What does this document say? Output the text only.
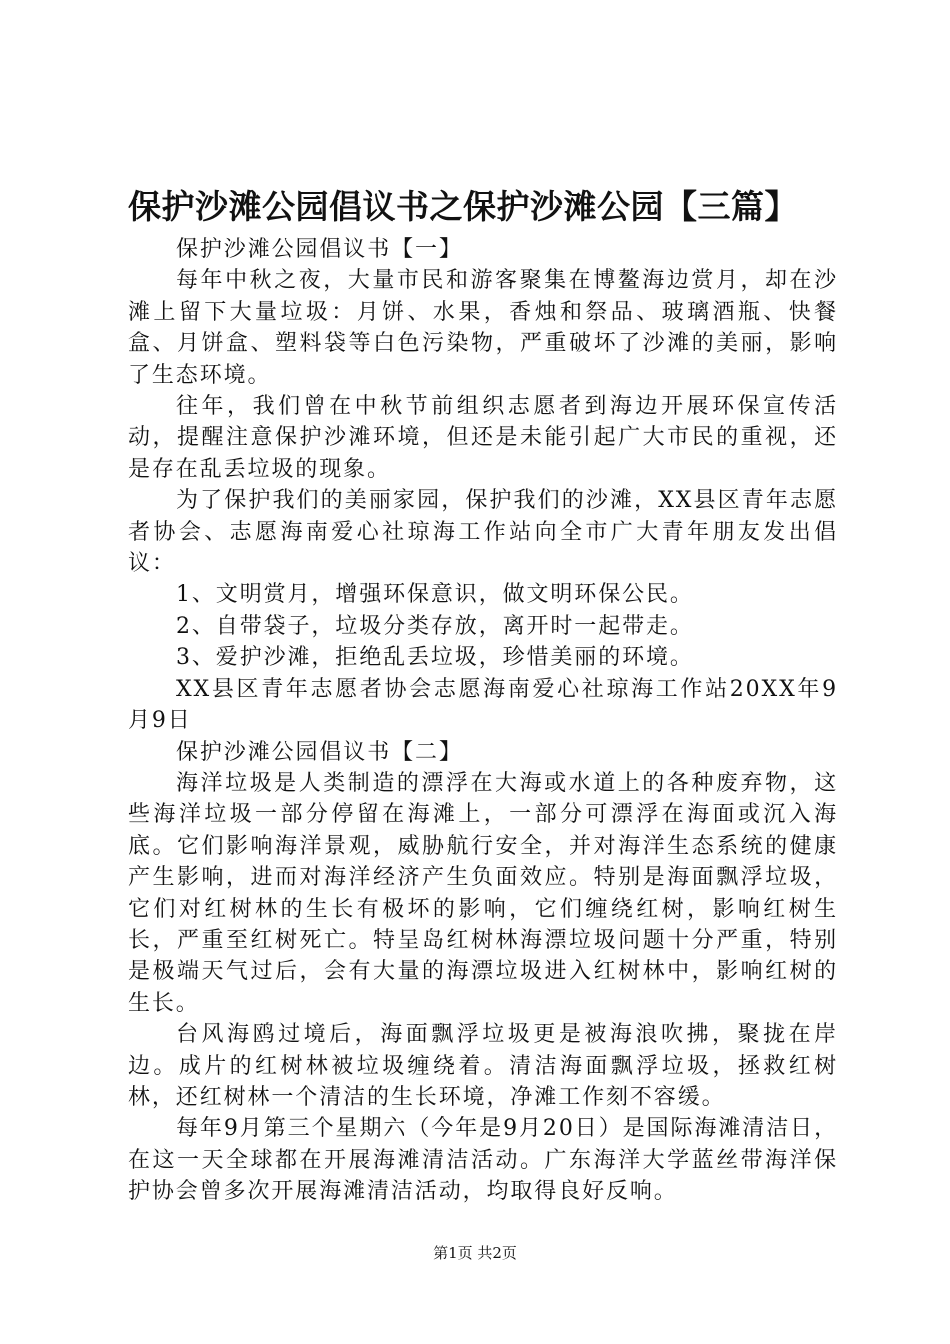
保护沙滩公园倡议书之保护沙滩公园【三篇】

保护沙滩公园倡议书【一】

每年中秋之夜，大量市民和游客聚集在博鳌海边赏月，却在沙滩上留下大量垃圾：月饼、水果，香烛和祭品、玻璃酒瓶、快餐盒、月饼盒、塑料袋等白色污染物，严重破坏了沙滩的美丽，影响了生态环境。

往年，我们曾在中秋节前组织志愿者到海边开展环保宣传活动，提醒注意保护沙滩环境，但还是未能引起广大市民的重视，还是存在乱丢垃圾的现象。

为了保护我们的美丽家园，保护我们的沙滩，XX县区青年志愿者协会、志愿海南爱心社琼海工作站向全市广大青年朋友发出倡议：

1、文明赏月，增强环保意识，做文明环保公民。

2、自带袋子，垃圾分类存放，离开时一起带走。

3、爱护沙滩，拒绝乱丢垃圾，珍惜美丽的环境。

XX县区青年志愿者协会志愿海南爱心社琼海工作站20XX年9月9日

保护沙滩公园倡议书【二】

海洋垃圾是人类制造的漂浮在大海或水道上的各种废弃物，这些海洋垃圾一部分停留在海滩上，一部分可漂浮在海面或沉入海底。它们影响海洋景观，威胁航行安全，并对海洋生态系统的健康产生影响，进而对海洋经济产生负面效应。特别是海面飘浮垃圾，它们对红树林的生长有极坏的影响，它们缠绕红树，影响红树生长，严重至红树死亡。特呈岛红树林海漂垃圾问题十分严重，特别是极端天气过后，会有大量的海漂垃圾进入红树林中，影响红树的生长。

台风海鸥过境后，海面飘浮垃圾更是被海浪吹拂，聚拢在岸边。成片的红树林被垃圾缠绕着。清洁海面飘浮垃圾，拯救红树林，还红树林一个清洁的生长环境，净滩工作刻不容缓。

每年9月第三个星期六（今年是9月20日）是国际海滩清洁日，在这一天全球都在开展海滩清洁活动。广东海洋大学蓝丝带海洋保护协会曾多次开展海滩清洁活动，均取得良好反响。

第1页 共2页
